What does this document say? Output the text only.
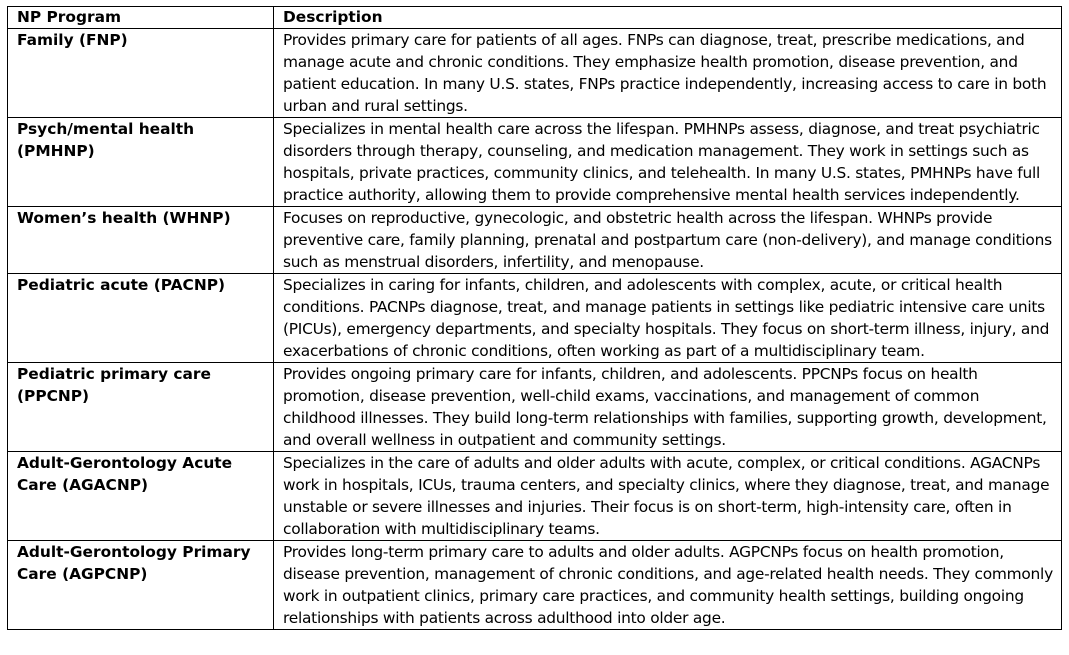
NP Program	Description
Family (FNP)	Provides primary care for patients of all ages. FNPs can diagnose, treat, prescribe medications, and manage acute and chronic conditions. They emphasize health promotion, disease prevention, and patient education. In many U.S. states, FNPs practice independently, increasing access to care in both urban and rural settings.
Psych/mental health (PMHNP)	Specializes in mental health care across the lifespan. PMHNPs assess, diagnose, and treat psychiatric disorders through therapy, counseling, and medication management. They work in settings such as hospitals, private practices, community clinics, and telehealth. In many U.S. states, PMHNPs have full practice authority, allowing them to provide comprehensive mental health services independently.
Women’s health (WHNP)	Focuses on reproductive, gynecologic, and obstetric health across the lifespan. WHNPs provide preventive care, family planning, prenatal and postpartum care (non-delivery), and manage conditions such as menstrual disorders, infertility, and menopause.
Pediatric acute (PACNP)	Specializes in caring for infants, children, and adolescents with complex, acute, or critical health conditions. PACNPs diagnose, treat, and manage patients in settings like pediatric intensive care units (PICUs), emergency departments, and specialty hospitals. They focus on short-term illness, injury, and exacerbations of chronic conditions, often working as part of a multidisciplinary team.
Pediatric primary care (PPCNP)	Provides ongoing primary care for infants, children, and adolescents. PPCNPs focus on health promotion, disease prevention, well-child exams, vaccinations, and management of common childhood illnesses. They build long-term relationships with families, supporting growth, development, and overall wellness in outpatient and community settings.
Adult-Gerontology Acute Care (AGACNP)	Specializes in the care of adults and older adults with acute, complex, or critical conditions. AGACNPs work in hospitals, ICUs, trauma centers, and specialty clinics, where they diagnose, treat, and manage unstable or severe illnesses and injuries. Their focus is on short-term, high-intensity care, often in collaboration with multidisciplinary teams.
Adult-Gerontology Primary Care (AGPCNP)	Provides long-term primary care to adults and older adults. AGPCNPs focus on health promotion, disease prevention, management of chronic conditions, and age-related health needs. They commonly work in outpatient clinics, primary care practices, and community health settings, building ongoing relationships with patients across adulthood into older age.
